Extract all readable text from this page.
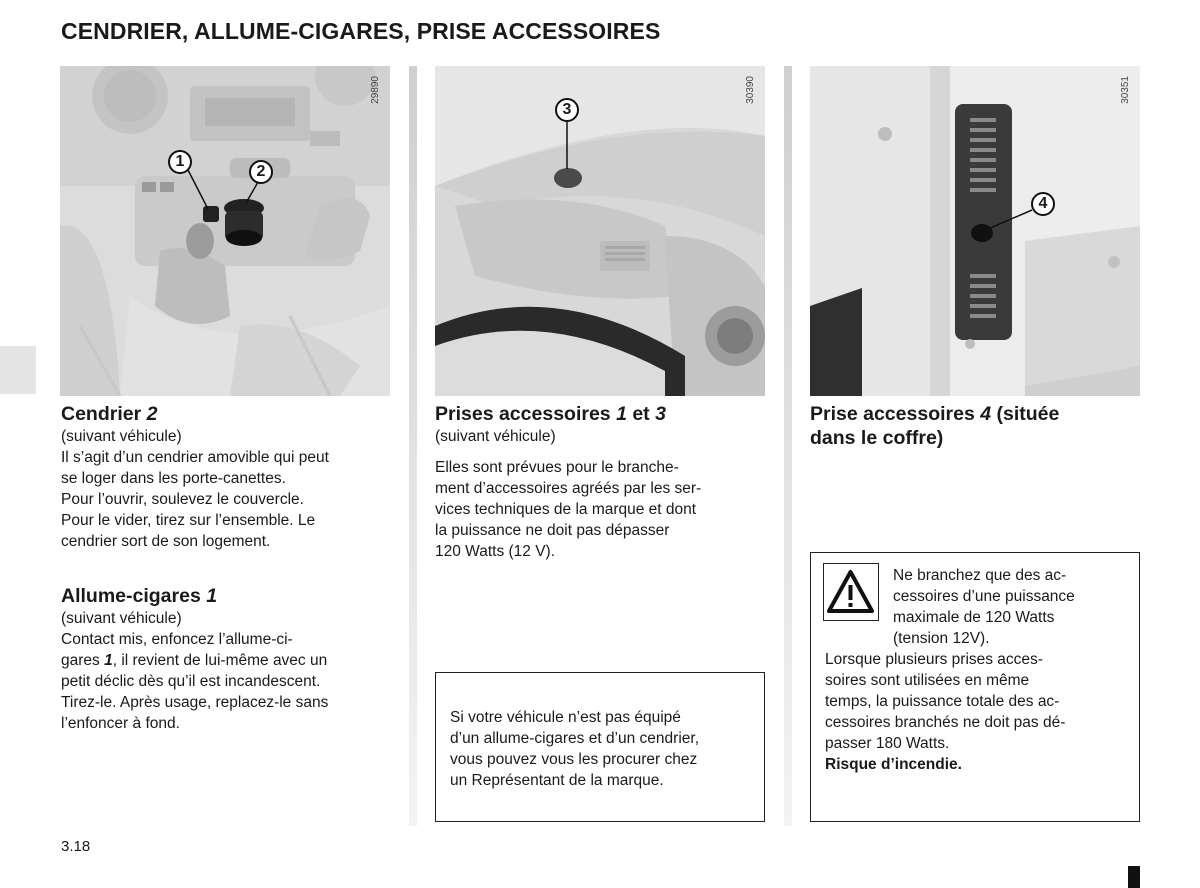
CENDRIER, ALLUME-CIGARES, PRISE ACCESSOIRES
29890
1
2
30390
3
30351
4
Cendrier 2
(suivant véhicule)
Il s’agit d’un cendrier amovible qui peut
se loger dans les porte-canettes.
Pour l’ouvrir, soulevez le couvercle.
Pour le vider, tirez sur l’ensemble. Le
cendrier sort de son logement.
Allume-cigares 1
(suivant véhicule)
Contact mis, enfoncez l’allume-ci-
gares 1, il revient de lui-même avec un
petit déclic dès qu’il est incandescent.
Tirez-le. Après usage, replacez-le sans
l’enfoncer à fond.
Prises accessoires 1 et 3
(suivant véhicule)
Elles sont prévues pour le branche-
ment d’accessoires agréés par les ser-
vices techniques de la marque et dont
la puissance ne doit pas dépasser
120 Watts (12 V).
Si votre véhicule n’est pas équipé
d’un allume-cigares et d’un cendrier,
vous pouvez vous les procurer chez
un Représentant de la marque.
Prise accessoires 4 (située
dans le coffre)
Ne branchez que des ac-
cessoires d’une puissance
maximale de 120 Watts
(tension 12V).
Lorsque plusieurs prises acces-
soires sont utilisées en même
temps, la puissance totale des ac-
cessoires branchés ne doit pas dé-
passer 180 Watts.
Risque d’incendie.
3.18
